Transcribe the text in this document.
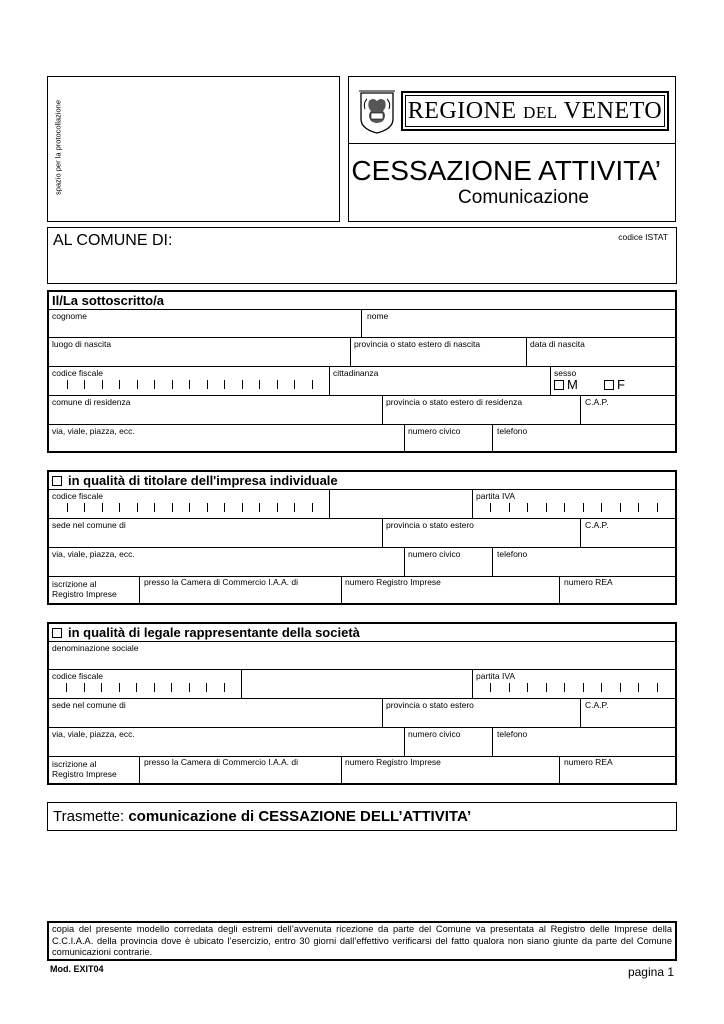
spazio per la protocollazione	REGIONE del VENETO
CESSAZIONE ATTIVITA’
Comunicazione
AL COMUNE DI:	codice ISTAT
Il/La sottoscritto/a
cognome	nome
luogo di nascita	provincia o stato estero di nascita	data di nascita
codice fiscale	cittadinanza	sesso
M	F
comune di residenza	provincia o stato estero di residenza	C.A.P.
via, viale, piazza, ecc.	numero civico	telefono
in qualità di titolare dell'impresa individuale
codice fiscale	partita IVA
sede nel comune di	provincia o stato estero	C.A.P.
via, viale, piazza, ecc.	numero civico	telefono
iscrizione al
Registro Imprese
presso la Camera di Commercio I.A.A. di	numero Registro Imprese	numero REA
in qualità di legale rappresentante della società
denominazione sociale
codice fiscale	partita IVA
sede nel comune di	provincia o stato estero	C.A.P.
via, viale, piazza, ecc.	numero civico	telefono
iscrizione al
Registro Imprese
presso la Camera di Commercio I.A.A. di	numero Registro Imprese	numero REA
Trasmette: comunicazione di CESSAZIONE DELL’ATTIVITA’
copia del presente modello corredata degli estremi dell’avvenuta ricezione da parte del Comune va presentata al Registro delle Imprese della C.C.I.A.A. della provincia dove è ubicato l’esercizio, entro 30 giorni dall’effettivo verificarsi del fatto qualora non siano giunte da parte del Comune comunicazioni contrarie.
Mod. EXIT04	pagina 1
